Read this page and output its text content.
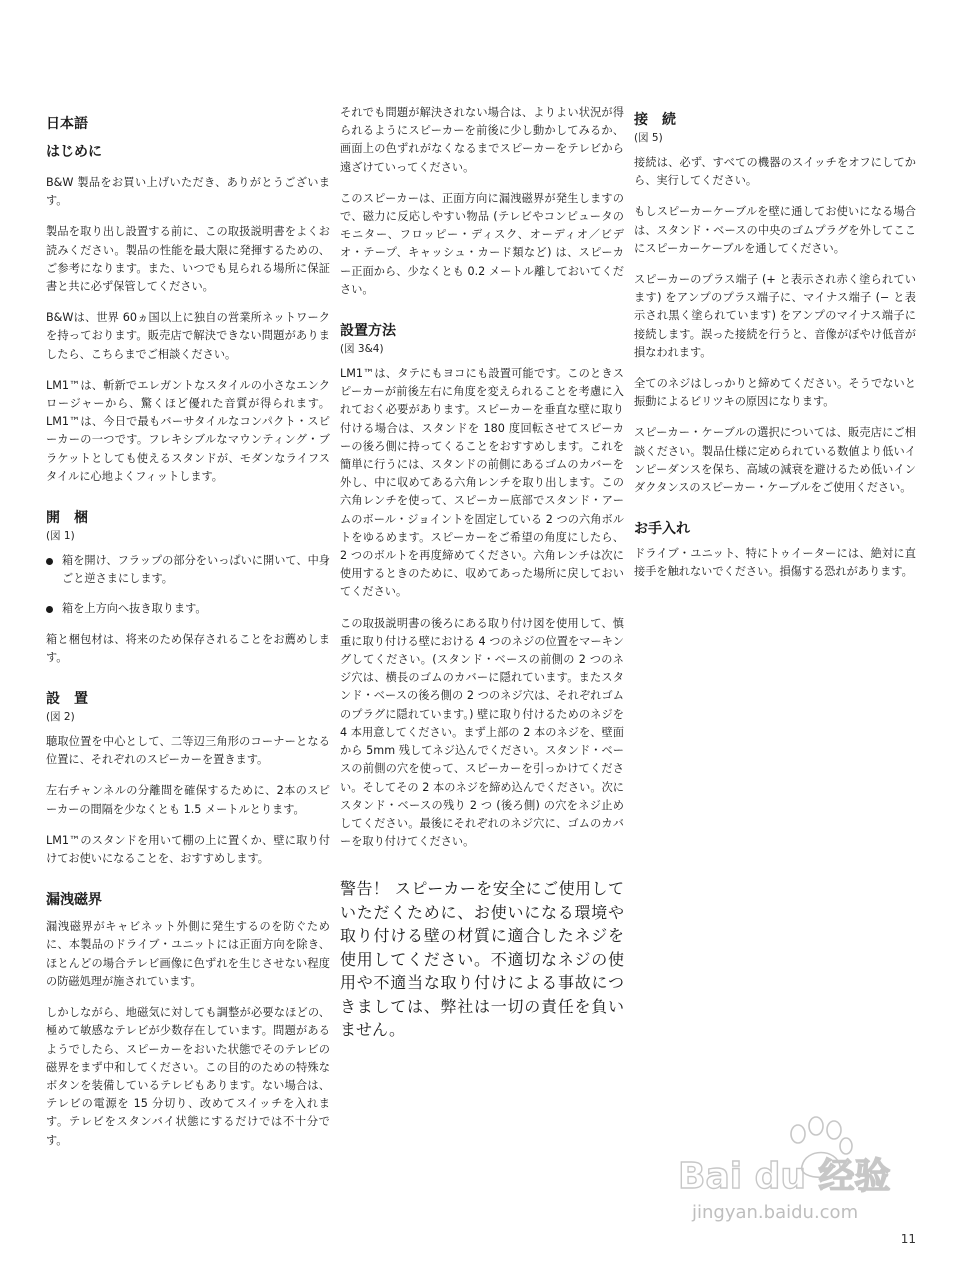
日本語
はじめに

B&W 製品をお買い上げいただき、ありがとうございます。

製品を取り出し設置する前に、この取扱説明書をよくお読みください。製品の性能を最大限に発揮するための、ご参考になります。また、いつでも見られる場所に保証書と共に必ず保管してください。

B&Wは、世界 60ヵ国以上に独自の営業所ネットワークを持っております。販売店で解決できない問題がありましたら、こちらまでご相談ください。

LM1™は、斬新でエレガントなスタイルの小さなエンクロージャーから、驚くほど優れた音質が得られます。LM1™は、今日で最もバーサタイルなコンパクト・スピーカーの一つです。フレキシブルなマウンティング・ブラケットとしても使えるスタンドが、モダンなライフスタイルに心地よくフィットします。

開　梱
(図 1)
箱を開け、フラップの部分をいっぱいに開いて、中身ごと逆さまにします。
箱を上方向へ抜き取ります。

箱と梱包材は、将来のため保存されることをお薦めします。

設　置
(図 2)

聴取位置を中心として、二等辺三角形のコーナーとなる位置に、それぞれのスピーカーを置きます。

左右チャンネルの分離間を確保するために、2本のスピーカーの間隔を少なくとも 1.5 メートルとります。

LM1™のスタンドを用いて棚の上に置くか、壁に取り付けてお使いになることを、おすすめします。

漏洩磁界

漏洩磁界がキャビネット外側に発生するのを防ぐために、本製品のドライブ・ユニットには正面方向を除き、ほとんどの場合テレビ画像に色ずれを生じさせない程度の防磁処理が施されています。

しかしながら、地磁気に対しても調整が必要なほどの、極めて敏感なテレビが少数存在しています。問題があるようでしたら、スピーカーをおいた状態でそのテレビの磁界をまず中和してください。この目的のための特殊なボタンを装備しているテレビもあります。ない場合は、テレビの電源を 15 分切り、改めてスイッチを入れます。テレビをスタンバイ状態にするだけでは不十分です。

それでも問題が解決されない場合は、よりよい状況が得られるようにスピーカーを前後に少し動かしてみるか、画面上の色ずれがなくなるまでスピーカーをテレビから遠ざけていってください。

このスピーカーは、正面方向に漏洩磁界が発生しますので、磁力に反応しやすい物品 (テレビやコンピュータのモニター、フロッピー・ディスク、オーディオ／ビデオ・テープ、キャッシュ・カード類など) は、スピーカー正面から、少なくとも 0.2 メートル離しておいてください。

設置方法
(図 3&4)

LM1™は、タテにもヨコにも設置可能です。このときスピーカーが前後左右に角度を変えられることを考慮に入れておく必要があります。スピーカーを垂直な壁に取り付ける場合は、スタンドを 180 度回転させてスピーカーの後ろ側に持ってくることをおすすめします。これを簡単に行うには、スタンドの前側にあるゴムのカバーを外し、中に収めてある六角レンチを取り出します。この六角レンチを使って、スピーカー底部でスタンド・アームのボール・ジョイントを固定している 2 つの六角ボルトをゆるめます。スピーカーをご希望の角度にしたら、2 つのボルトを再度締めてください。六角レンチは次に使用するときのために、収めてあった場所に戻しておいてください。

この取扱説明書の後ろにある取り付け図を使用して、慎重に取り付ける壁における 4 つのネジの位置をマーキングしてください。(スタンド・ベースの前側の 2 つのネジ穴は、横長のゴムのカバーに隠れています。またスタンド・ベースの後ろ側の 2 つのネジ穴は、それぞれゴムのプラグに隠れています。) 壁に取り付けるためのネジを 4 本用意してください。まず上部の 2 本のネジを、壁面から 5mm 残してネジ込んでください。スタンド・ベースの前側の穴を使って、スピーカーを引っかけてください。そしてその 2 本のネジを締め込んでください。次にスタンド・ベースの残り 2 つ (後ろ側) の穴をネジ止めしてください。最後にそれぞれのネジ穴に、ゴムのカバーを取り付けてください。

警告！ スピーカーを安全にご使用していただくために、お使いになる環境や取り付ける壁の材質に適合したネジを使用してください。不適切なネジの使用や不適当な取り付けによる事故につきましては、弊社は一切の責任を負いません。
接　続
(図 5)

接続は、必ず、すべての機器のスイッチをオフにしてから、実行してください。

もしスピーカーケーブルを壁に通してお使いになる場合は、スタンド・ベースの中央のゴムプラグを外してここにスピーカーケーブルを通してください。

スピーカーのプラス端子 (+ と表示され赤く塗られています) をアンプのプラス端子に、マイナス端子 (− と表示され黒く塗られています) をアンプのマイナス端子に接続します。誤った接続を行うと、音像がぼやけ低音が損なわれます。

全てのネジはしっかりと締めてください。そうでないと振動によるビリツキの原因になります。

スピーカー・ケーブルの選択については、販売店にご相談ください。製品仕様に定められている数値より低いインピーダンスを保ち、高域の減衰を避けるため低いインダクタンスのスピーカー・ケーブルをご使用ください。

お手入れ

ドライブ・ユニット、特にトゥイーターには、絶対に直接手を触れないでください。損傷する恐れがあります。

Bai du 经验
jingyan.baidu.com
11
